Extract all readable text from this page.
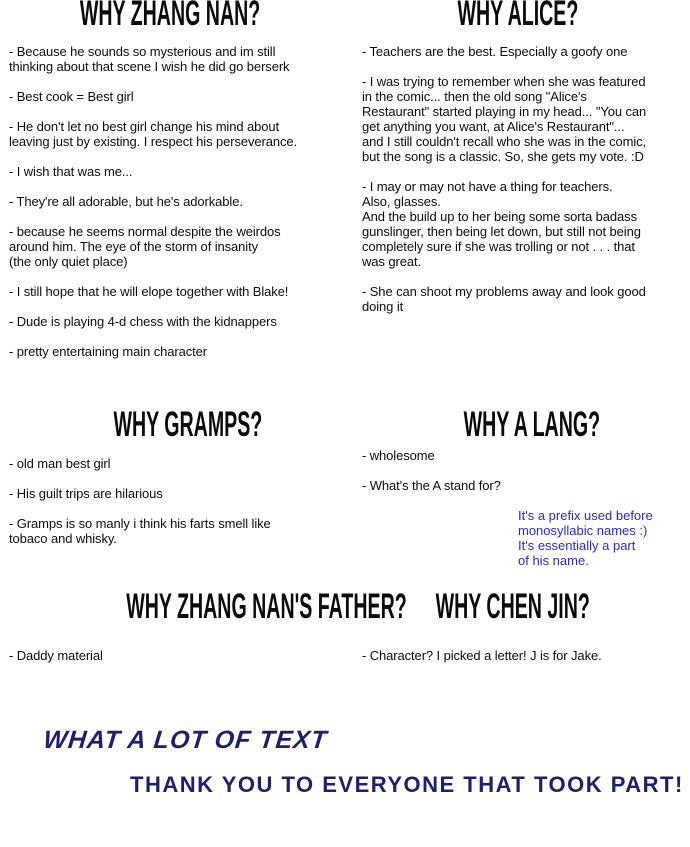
WHY ZHANG NAN?

- Because he sounds so mysterious and im still
thinking about that scene I wish he did go berserk

- Best cook = Best girl

- He don't let no best girl change his mind about
leaving just by existing. I respect his perseverance.

- I wish that was me...

- They're all adorable, but he's adorkable.

- because he seems normal despite the weirdos
around him. The eye of the storm of insanity
(the only quiet place)

- I still hope that he will elope together with Blake!

- Dude is playing 4-d chess with the kidnappers

- pretty entertaining main character

WHY ALICE?

- Teachers are the best. Especially a goofy one

- I was trying to remember when she was featured
in the comic... then the old song "Alice's
Restaurant" started playing in my head... "You can
get anything you want, at Alice's Restaurant"...
and I still couldn't recall who she was in the comic,
but the song is a classic. So, she gets my vote. :D

- I may or may not have a thing for teachers.
Also, glasses.
And the build up to her being some sorta badass
gunslinger, then being let down, but still not being
completely sure if she was trolling or not . . . that
was great.

- She can shoot my problems away and look good
doing it

WHY GRAMPS?

- old man best girl

- His guilt trips are hilarious

- Gramps is so manly i think his farts smell like
tobaco and whisky.

WHY A LANG?

- wholesome

- What's the A stand for?

It's a prefix used before
monosyllabic names :)
It's essentially a part
of his name.
WHY ZHANG NAN'S FATHER?

- Daddy material

WHY CHEN JIN?

- Character? I picked a letter! J is for Jake.

WHAT A LOT OF TEXT
THANK YOU TO EVERYONE THAT TOOK PART!
